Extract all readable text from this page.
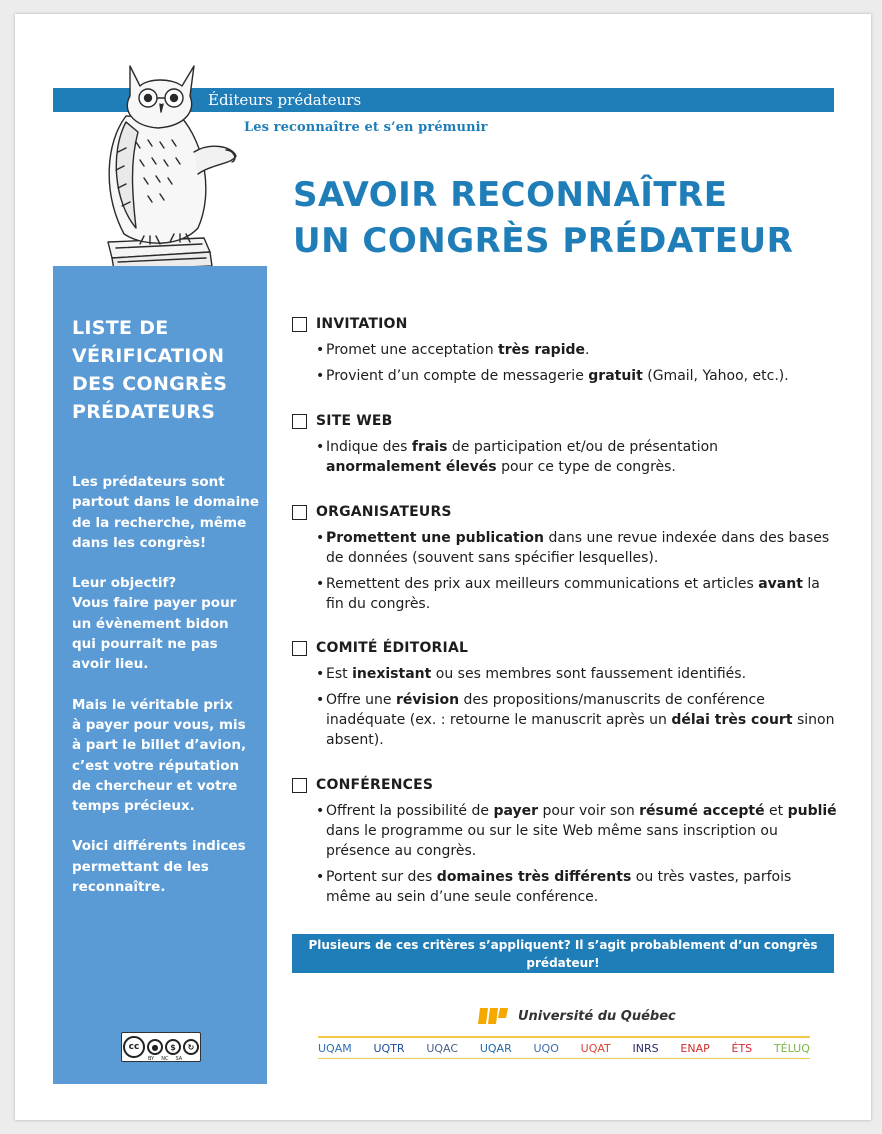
Éditeurs prédateurs
Les reconnaître et s’en prémunir
SAVOIR RECONNAÎTRE
UN CONGRÈS PRÉDATEUR
LISTE DE
VÉRIFICATION
DES CONGRÈS
PRÉDATEURS

Les prédateurs sont
partout dans le domaine
de la recherche, même
dans les congrès!

Leur objectif?
Vous faire payer pour
un évènement bidon
qui pourrait ne pas
avoir lieu.

Mais le véritable prix
à payer pour vous, mis
à part le billet d’avion,
c’est votre réputation
de chercheur et votre
temps précieux.

Voici différents indices
permettant de les
reconnaître.

cc	●	$	↻
BY NC SA
INVITATION
• Promet une acceptation très rapide.
• Provient d’un compte de messagerie gratuit (Gmail, Yahoo, etc.).
SITE WEB
• Indique des frais de participation et/ou de présentation anormalement élevés pour ce type de congrès.
ORGANISATEURS
• Promettent une publication dans une revue indexée dans des bases de données (souvent sans spécifier lesquelles).
• Remettent des prix aux meilleurs communications et articles avant la fin du congrès.
COMITÉ ÉDITORIAL
• Est inexistant ou ses membres sont faussement identifiés.
• Offre une révision des propositions/manuscrits de conférence inadéquate (ex. : retourne le manuscrit après un délai très court sinon absent).
CONFÉRENCES
• Offrent la possibilité de payer pour voir son résumé accepté et publié dans le programme ou sur le site Web même sans inscription ou présence au congrès.
• Portent sur des domaines très différents ou très vastes, parfois même au sein d’une seule conférence.
Plusieurs de ces critères s’appliquent? Il s’agit probablement d’un congrès prédateur!
Pour découvrir plus de critères, consultez : ptc.uquebec.ca/pdci/editeurs-predateurs
Université du Québec
UQAM UQTR UQAC UQAR UQO UQAT INRS ENAP ÉTS TÉLUQ
